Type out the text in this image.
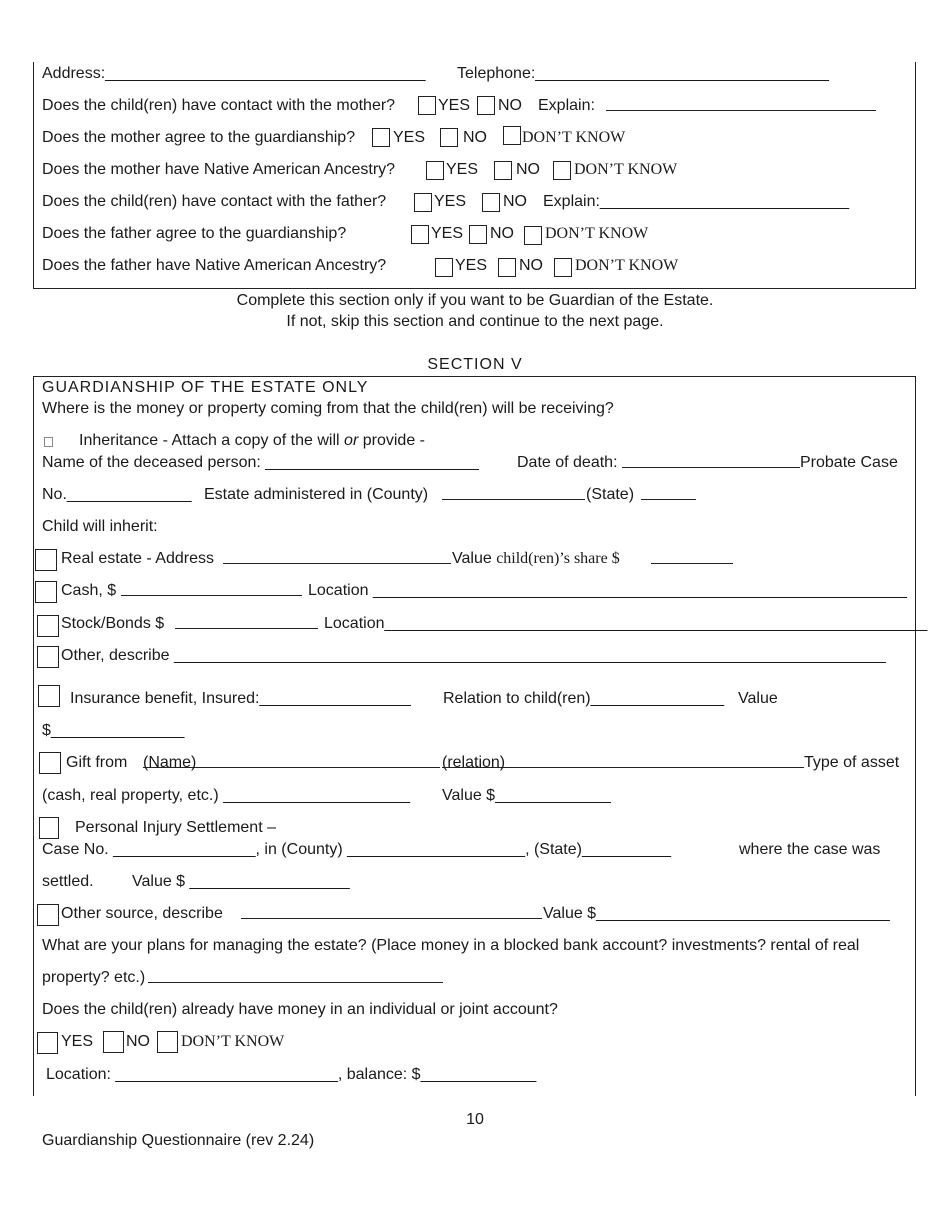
Address:____________________________________ Telephone:_________________________________
Does the child(ren) have contact with the mother?	YES NO Explain:
Does the mother agree to the guardianship? YES NO DON’T KNOW
Does the mother have Native American Ancestry?	YES NO DON’T KNOW
Does the child(ren) have contact with the father?	YES NO Explain:____________________________
Does the father agree to the guardianship?	YES NO DON’T KNOW
Does the father have Native American Ancestry?	YES NO DON’T KNOW
Complete this section only if you want to be Guardian of the Estate.
If not, skip this section and continue to the next page.
SECTION V
GUARDIANSHIP OF THE ESTATE ONLY
Where is the money or property coming from that the child(ren) will be receiving?
Inheritance - Attach a copy of the will or provide -
Name of the deceased person: ________________________ Date of death:	Probate Case
No.______________ Estate administered in (County)	(State)
Child will inherit:
Real estate - Address	Value child(ren)’s share $
Cash, $	Location ____________________________________________________________
Stock/Bonds $	Location_____________________________________________________________
Other, describe ________________________________________________________________________________
Insurance benefit, Insured:_________________ Relation to child(ren)_______________ Value
$_______________
Gift from (Name)	(relation)	Type of asset
(cash, real property, etc.) _____________________ Value $_____________
Personal Injury Settlement –
Case No. ________________, in (County) ____________________, (State)__________	where the case was
settled. Value $ __________________
Other source, describe	Value $_________________________________
What are your plans for managing the estate? (Place money in a blocked bank account? investments? rental of real
property? etc.)
Does the child(ren) already have money in an individual or joint account?
YES NO DON’T KNOW
Location: _________________________, balance: $_____________
10
Guardianship Questionnaire (rev 2.24)
